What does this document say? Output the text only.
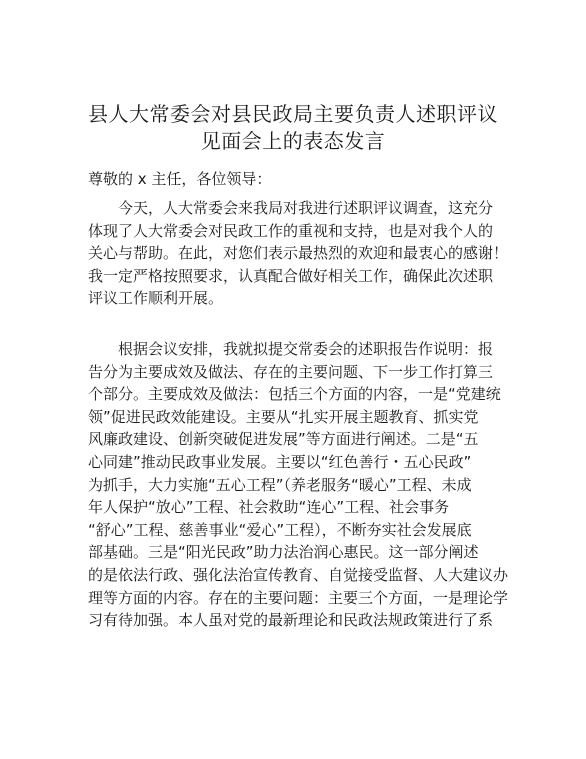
县人大常委会对县民政局主要负责人述职评议
见面会上的表态发言
尊敬的 x 主任，各位领导：
今天，人大常委会来我局对我进行述职评议调查，这充分
体现了人大常委会对民政工作的重视和支持，也是对我个人的
关心与帮助。在此，对您们表示最热烈的欢迎和最衷心的感谢！
我一定严格按照要求，认真配合做好相关工作，确保此次述职
评议工作顺利开展。
根据会议安排，我就拟提交常委会的述职报告作说明：报
告分为主要成效及做法、存在的主要问题、下一步工作打算三
个部分。主要成效及做法：包括三个方面的内容，一是“党建统
领”促进民政效能建设。主要从“扎实开展主题教育、抓实党
风廉政建设、创新突破促进发展”等方面进行阐述。二是“五
心同建”推动民政事业发展。主要以“红色善行・五心民政”
为抓手，大力实施“五心工程”（养老服务“暖心”工程、未成
年人保护“放心”工程、社会救助“连心”工程、社会事务
“舒心”工程、慈善事业“爱心”工程），不断夯实社会发展底
部基础。三是“阳光民政”助力法治润心惠民。这一部分阐述
的是依法行政、强化法治宣传教育、自觉接受监督、人大建议办
理等方面的内容。存在的主要问题：主要三个方面，一是理论学
习有待加强。本人虽对党的最新理论和民政法规政策进行了系
